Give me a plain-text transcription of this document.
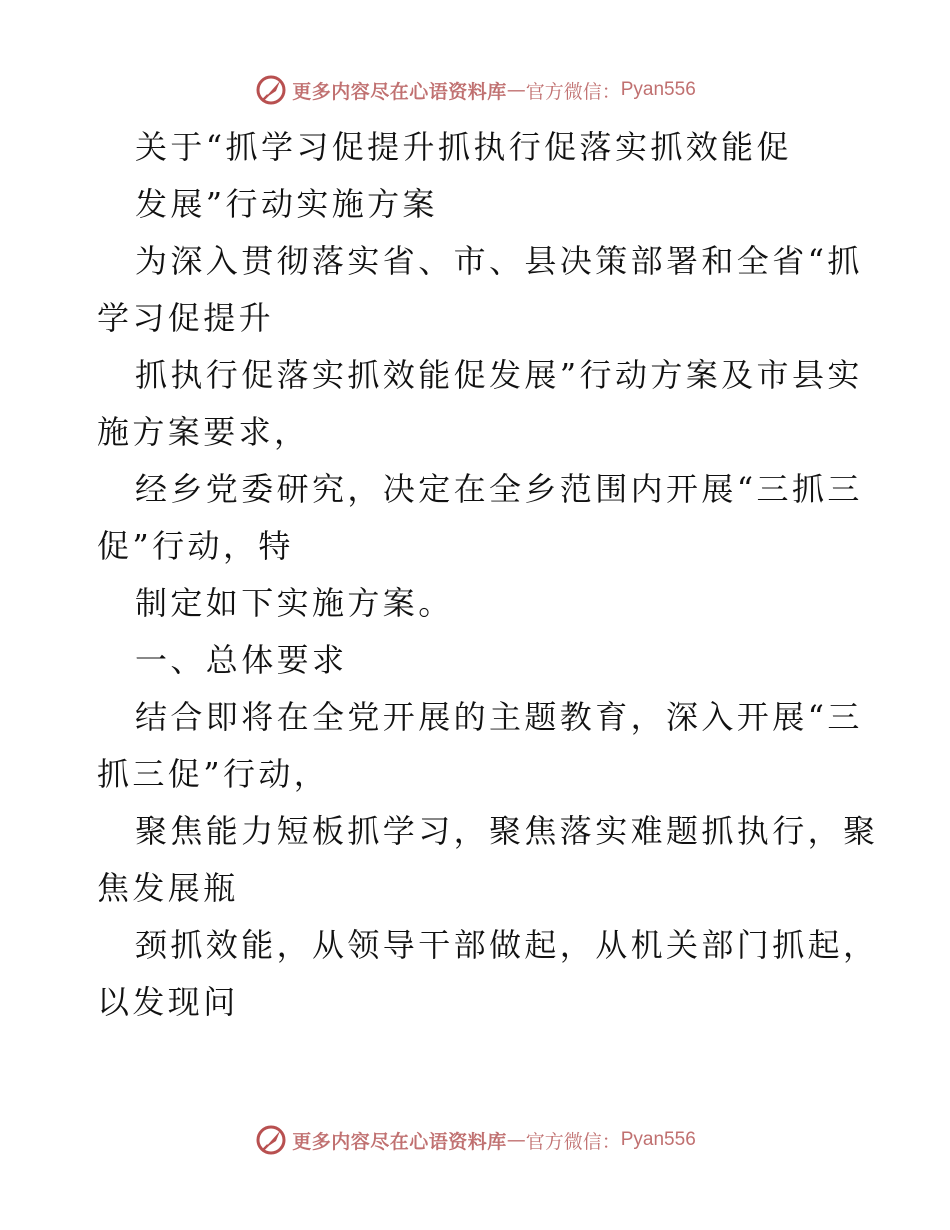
更多内容尽在心语资料库 — 官方微信： Pyan556
关于“抓学习促提升抓执行促落实抓效能促
发展”行动实施方案
为深入贯彻落实省、市、县决策部署和全省“抓
学习促提升
抓执行促落实抓效能促发展”行动方案及市县实
施方案要求，
经乡党委研究，决定在全乡范围内开展“三抓三
促”行动，特
制定如下实施方案。
一、总体要求
结合即将在全党开展的主题教育，深入开展“三
抓三促”行动，
聚焦能力短板抓学习，聚焦落实难题抓执行，聚
焦发展瓶
颈抓效能，从领导干部做起，从机关部门抓起，
以发现问
更多内容尽在心语资料库 — 官方微信： Pyan556
